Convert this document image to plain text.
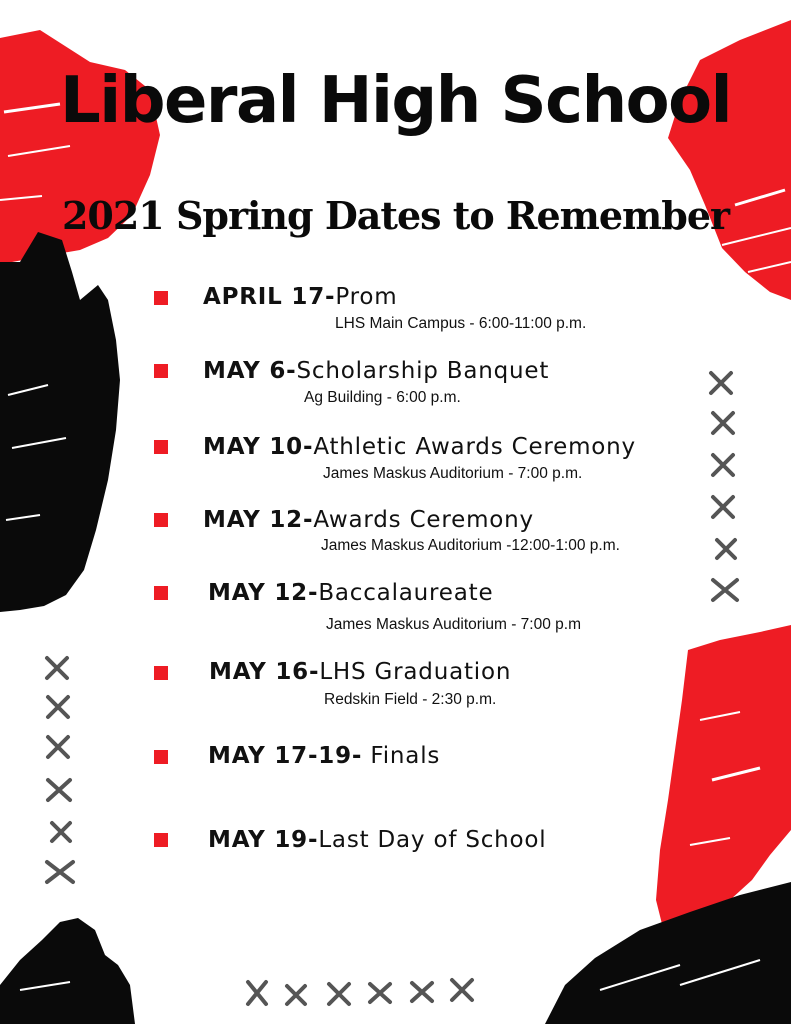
Liberal High School
2021 Spring Dates to Remember
APRIL 17-Prom
LHS Main Campus - 6:00-11:00 p.m.
MAY 6-Scholarship Banquet
Ag Building - 6:00 p.m.
MAY 10-Athletic Awards Ceremony
James Maskus Auditorium - 7:00 p.m.
MAY 12-Awards Ceremony
James Maskus Auditorium -12:00-1:00 p.m.
MAY 12-Baccalaureate
James Maskus Auditorium - 7:00 p.m
MAY 16-LHS Graduation
Redskin Field - 2:30 p.m.
MAY 17-19- Finals
MAY 19-Last Day of School
